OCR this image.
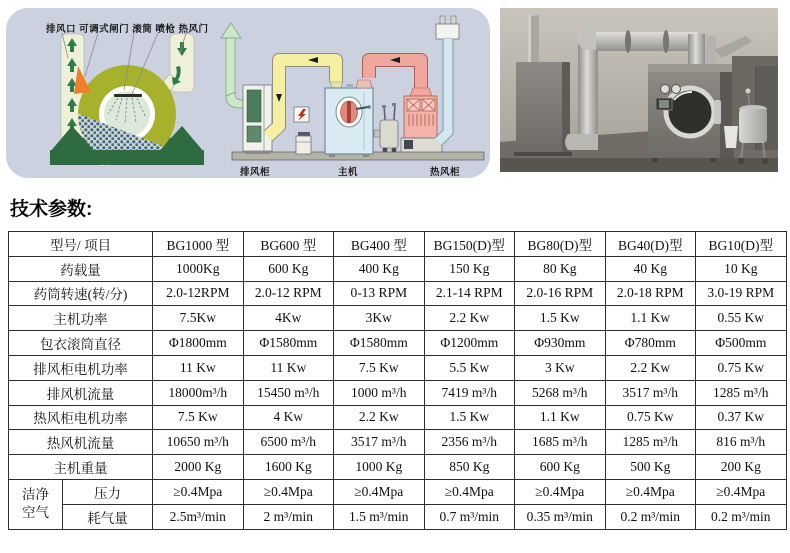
排风口 可调式闸门 滚筒 喷枪 热风门
排风柜	主机	热风柜
技术参数:
型号/ 项目		BG1000 型	BG600 型	BG400 型	BG150(D)型	BG80(D)型	BG40(D)型	BG10(D)型
药载量		1000Kg	600 Kg	400 Kg	150 Kg	80 Kg	40 Kg	10 Kg
药筒转速(转/分)		2.0-12RPM	2.0-12 RPM	0-13 RPM	2.1-14 RPM	2.0-16 RPM	2.0-18 RPM	3.0-19 RPM
主机功率		7.5Kw	4Kw	3Kw	2.2 Kw	1.5 Kw	1.1 Kw	0.55 Kw
包衣滚筒直径		Φ1800mm	Φ1580mm	Φ1580mm	Φ1200mm	Φ930mm	Φ780mm	Φ500mm
排风柜电机功率		11 Kw	11 Kw	7.5 Kw	5.5 Kw	3 Kw	2.2 Kw	0.75 Kw
排风机流量		18000m³/h	15450 m³/h	1000 m³/h	7419 m³/h	5268 m³/h	3517 m³/h	1285 m³/h
热风柜电机功率		7.5 Kw	4 Kw	2.2 Kw	1.5 Kw	1.1 Kw	0.75 Kw	0.37 Kw
热风机流量		10650 m³/h	6500 m³/h	3517 m³/h	2356 m³/h	1685 m³/h	1285 m³/h	816 m³/h
主机重量		2000 Kg	1600 Kg	1000 Kg	850 Kg	600 Kg	500 Kg	200 Kg

洁净
空气	压力	≥0.4Mpa	≥0.4Mpa	≥0.4Mpa	≥0.4Mpa	≥0.4Mpa	≥0.4Mpa	≥0.4Mpa
	耗气量	2.5m³/min	2 m³/min	1.5 m³/min	0.7 m³/min	0.35 m³/min	0.2 m³/min	0.2 m³/min
